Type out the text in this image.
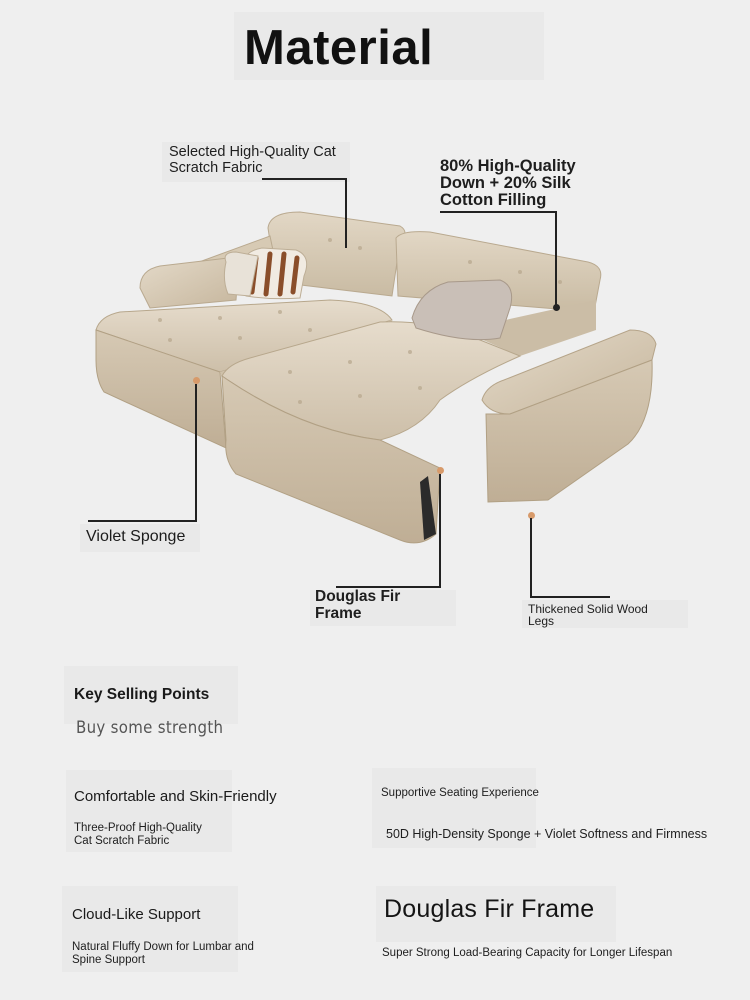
Material
Selected High-Quality Cat
Scratch Fabric	80% High-Quality
Down + 20% Silk
Cotton Filling
Violet Sponge
Douglas Fir
Frame	Thickened Solid Wood
Legs
Key Selling Points
Buy some strength
Comfortable and Skin-Friendly
Three-Proof High-Quality
Cat Scratch Fabric
Supportive Seating Experience
50D High-Density Sponge + Violet Softness and Firmness
Cloud-Like Support
Natural Fluffy Down for Lumbar and
Spine Support
Douglas Fir Frame
Super Strong Load-Bearing Capacity for Longer Lifespan
